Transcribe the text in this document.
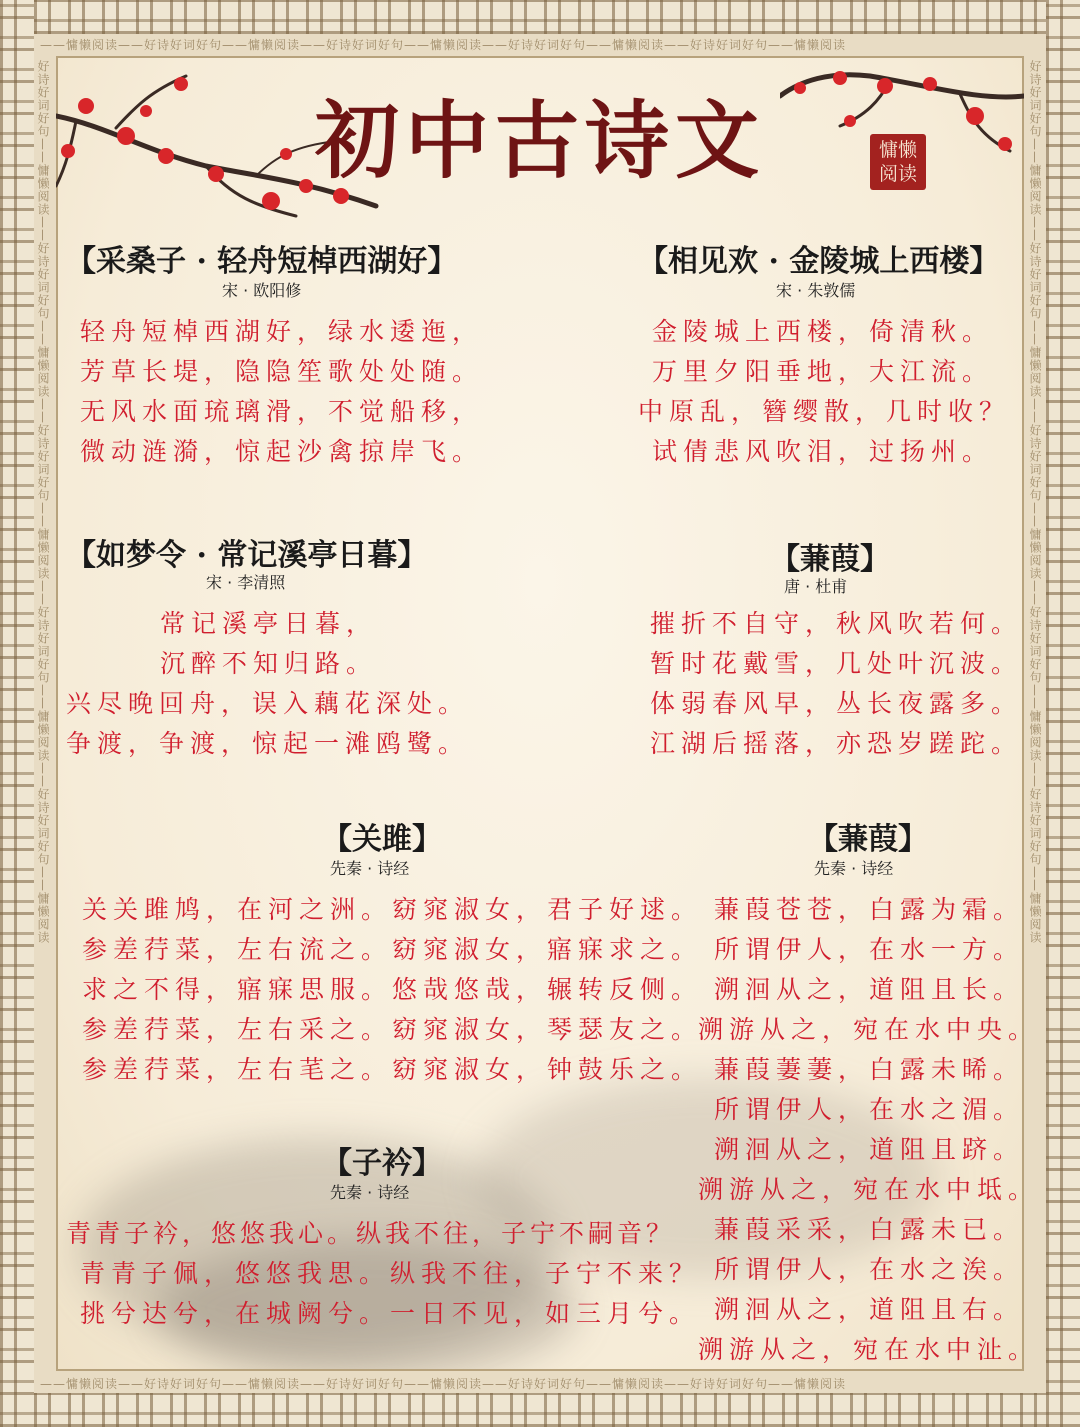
——慵懒阅读——好诗好词好句——慵懒阅读——好诗好词好句——慵懒阅读——好诗好词好句——慵懒阅读——好诗好词好句——慵懒阅读
——慵懒阅读——好诗好词好句——慵懒阅读——好诗好词好句——慵懒阅读——好诗好词好句——慵懒阅读——好诗好词好句——慵懒阅读
好诗好词好句——慵懒阅读——好诗好词好句——慵懒阅读——好诗好词好句——慵懒阅读——好诗好词好句——慵懒阅读——好诗好词好句——慵懒阅读	好诗好词好句——慵懒阅读——好诗好词好句——慵懒阅读——好诗好词好句——慵懒阅读——好诗好词好句——慵懒阅读——好诗好词好句——慵懒阅读
初中古诗文	慵懒
阅读
【采桑子 · 轻舟短棹西湖好】
宋 · 欧阳修
轻舟短棹西湖好，绿水逶迤，
芳草长堤，隐隐笙歌处处随。
无风水面琉璃滑，不觉船移，
微动涟漪，惊起沙禽掠岸飞。
【相见欢 · 金陵城上西楼】
宋 · 朱敦儒
金陵城上西楼，倚清秋。
万里夕阳垂地，大江流。
中原乱，簪缨散，几时收？
试倩悲风吹泪，过扬州。
【如梦令 · 常记溪亭日暮】
宋 · 李清照
常记溪亭日暮，
沉醉不知归路。
兴尽晚回舟，误入藕花深处。
争渡，争渡，惊起一滩鸥鹭。
【蒹葭】
唐 · 杜甫
摧折不自守，秋风吹若何。
暂时花戴雪，几处叶沉波。
体弱春风早，丛长夜露多。
江湖后摇落，亦恐岁蹉跎。
【关雎】
先秦 · 诗经
关关雎鸠，在河之洲。窈窕淑女，君子好逑。
参差荇菜，左右流之。窈窕淑女，寤寐求之。
求之不得，寤寐思服。悠哉悠哉，辗转反侧。
参差荇菜，左右采之。窈窕淑女，琴瑟友之。
参差荇菜，左右芼之。窈窕淑女，钟鼓乐之。
【蒹葭】
先秦 · 诗经
蒹葭苍苍，白露为霜。
所谓伊人，在水一方。
溯洄从之，道阻且长。
溯游从之，宛在水中央。
蒹葭萋萋，白露未晞。
所谓伊人，在水之湄。
溯洄从之，道阻且跻。
溯游从之，宛在水中坻。
蒹葭采采，白露未已。
所谓伊人，在水之涘。
溯洄从之，道阻且右。
溯游从之，宛在水中沚。
【子衿】
先秦 · 诗经
青青子衿，悠悠我心。纵我不往，子宁不嗣音？
青青子佩，悠悠我思。纵我不往，子宁不来？
挑兮达兮，在城阙兮。一日不见，如三月兮。
